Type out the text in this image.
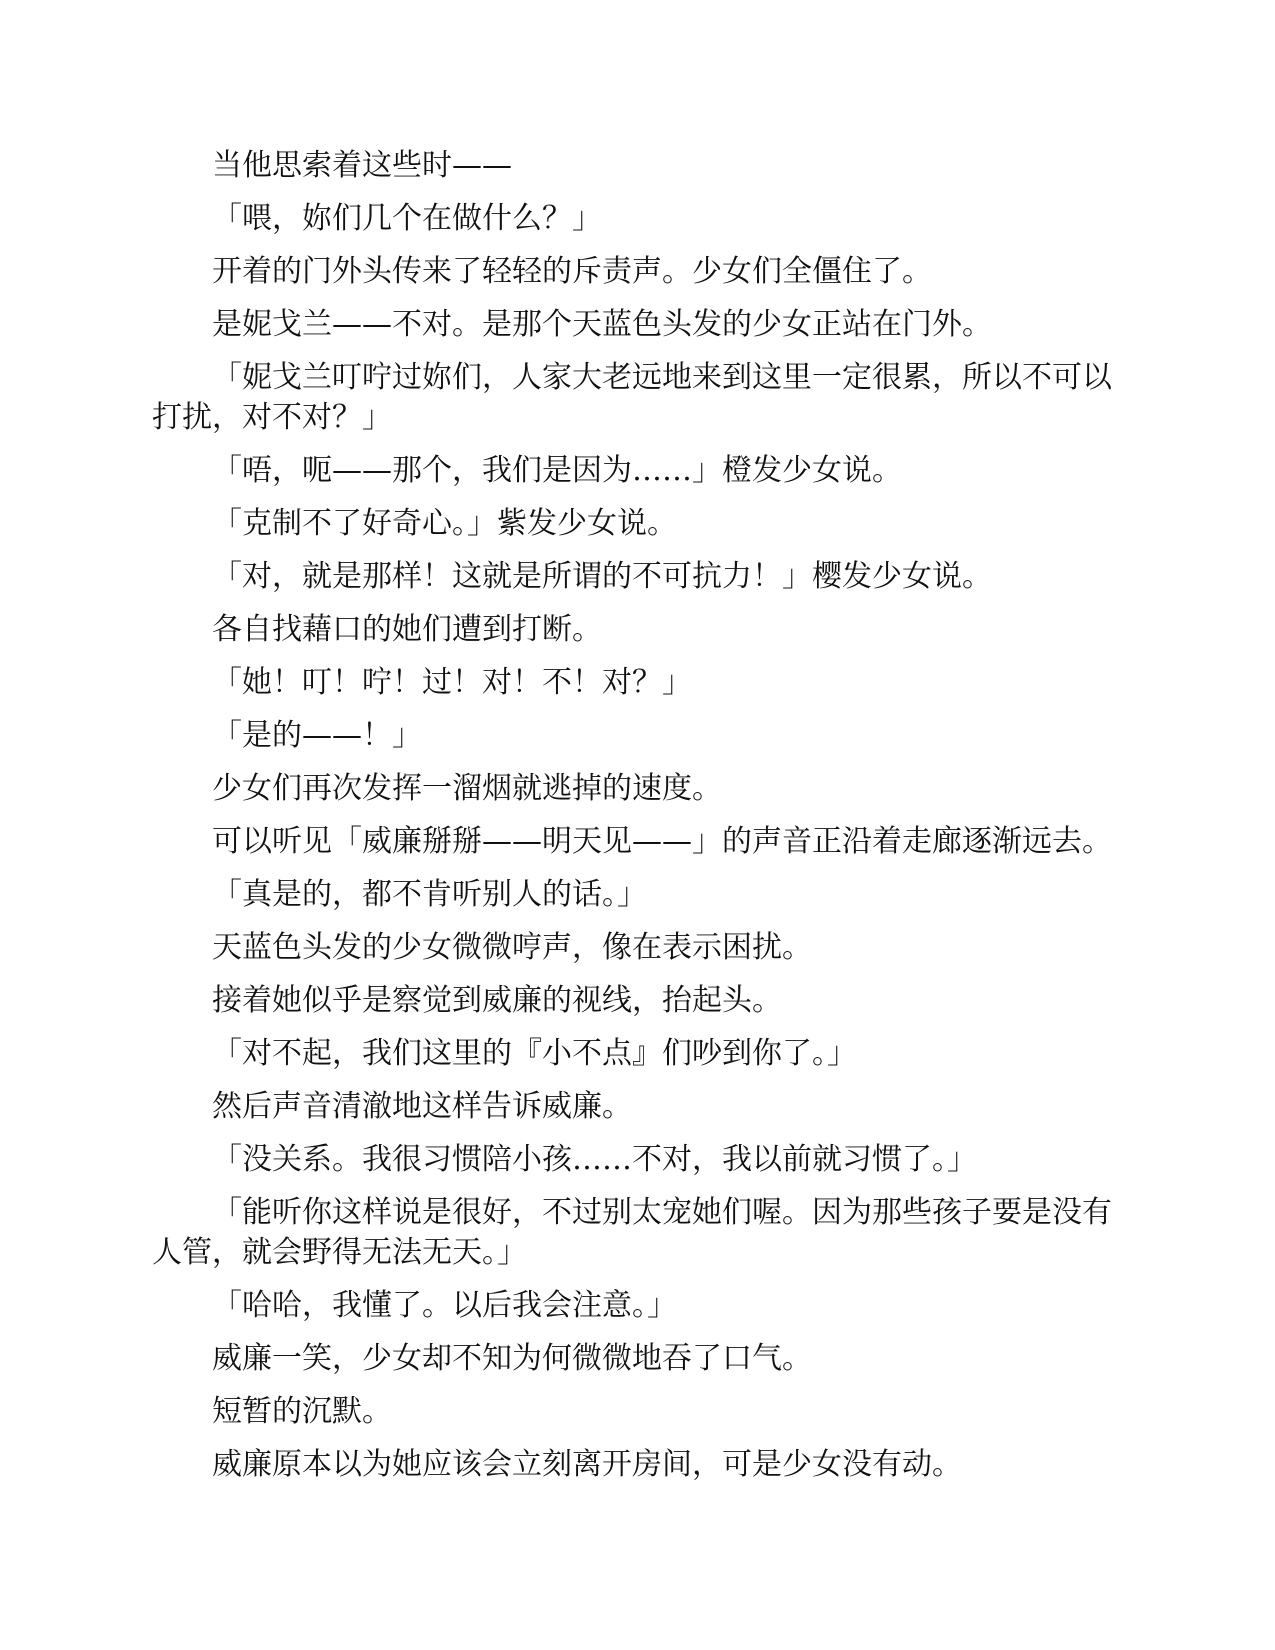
当他思索着这些时——

「喂，妳们几个在做什么？」

开着的门外头传来了轻轻的斥责声。少女们全僵住了。

是妮戈兰——不对。是那个天蓝色头发的少女正站在门外。

「妮戈兰叮咛过妳们，人家大老远地来到这里一定很累，所以不可以打扰，对不对？」

「唔，呃——那个，我们是因为……」橙发少女说。

「克制不了好奇心。」紫发少女说。

「对，就是那样！这就是所谓的不可抗力！」樱发少女说。

各自找藉口的她们遭到打断。

「她！叮！咛！过！对！不！对？」

「是的——！」

少女们再次发挥一溜烟就逃掉的速度。

可以听见「威廉掰掰——明天见——」的声音正沿着走廊逐渐远去。

「真是的，都不肯听别人的话。」

天蓝色头发的少女微微哼声，像在表示困扰。

接着她似乎是察觉到威廉的视线，抬起头。

「对不起，我们这里的『小不点』们吵到你了。」

然后声音清澈地这样告诉威廉。

「没关系。我很习惯陪小孩……不对，我以前就习惯了。」

「能听你这样说是很好，不过别太宠她们喔。因为那些孩子要是没有人管，就会野得无法无天。」

「哈哈，我懂了。以后我会注意。」

威廉一笑，少女却不知为何微微地吞了口气。

短暂的沉默。

威廉原本以为她应该会立刻离开房间，可是少女没有动。
